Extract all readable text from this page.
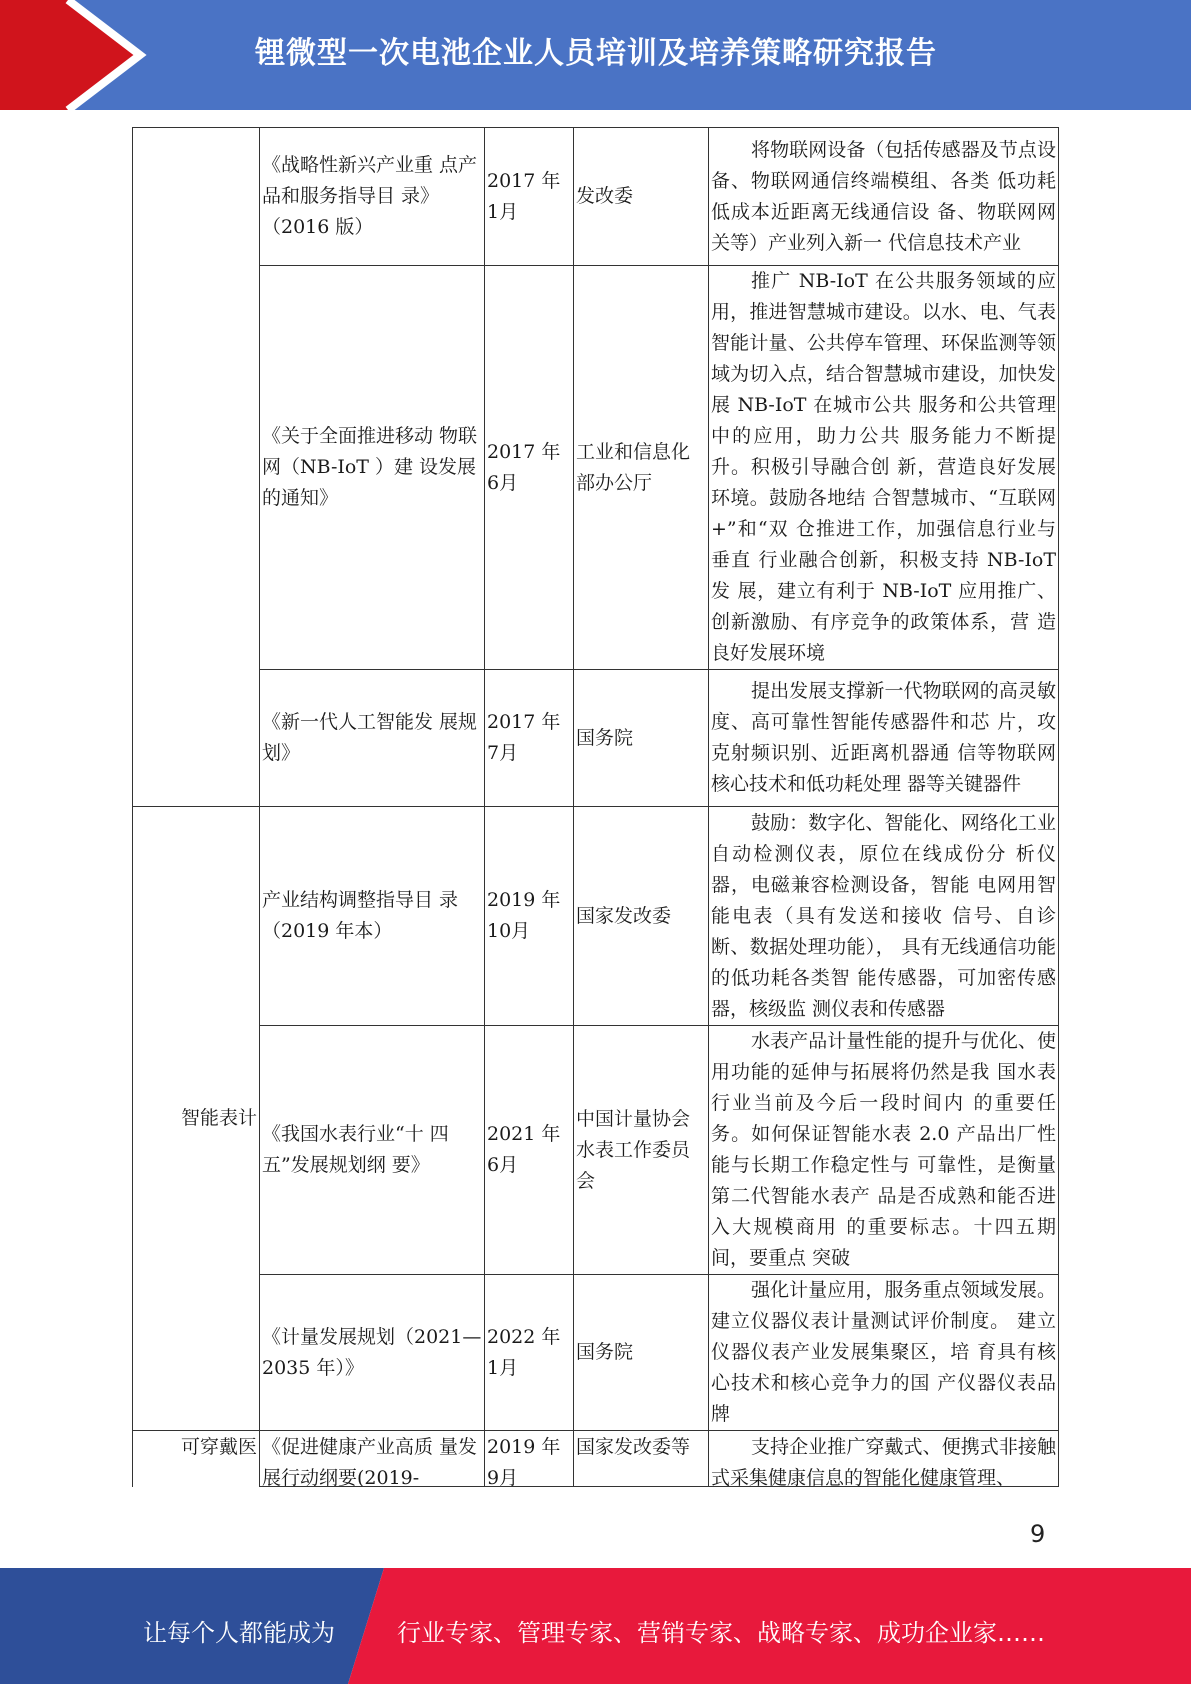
锂微型一次电池企业人员培训及培养策略研究报告
	《战略性新兴产业重 点产品和服务指导目 录》（2016 版）	2017 年 1月	发改委	将物联网设备（包括传感器及节点设备、物联网通信终端模组、各类 低功耗低成本近距离无线通信设 备、物联网网关等）产业列入新一 代信息技术产业
	《关于全面推进移动 物联网（NB-IoT ）建 设发展的通知》	2017 年 6月	工业和信息化部办公厅	推广 NB-IoT 在公共服务领域的应用，推进智慧城市建设。以水、电、气表智能计量、公共停车管理、环保监测等领域为切入点，结合智慧城市建设，加快发展 NB-IoT 在城市公共 服务和公共管理中的应用，助力公共 服务能力不断提升。积极引导融合创 新，营造良好发展环境。鼓励各地结 合智慧城市、“互联网+”和“双 仓推进工作，加强信息行业与垂直 行业融合创新，积极支持 NB-IoT 发 展，建立有利于 NB-IoT 应用推广、 创新激励、有序竞争的政策体系，营 造良好发展环境
	《新一代人工智能发 展规划》	2017 年 7月	国务院	提出发展支撑新一代物联网的高灵敏度、高可靠性智能传感器件和芯 片，攻克射频识别、近距离机器通 信等物联网核心技术和低功耗处理 器等关键器件
智能表计	产业结构调整指导目 录（2019 年本）	2019 年 10月	国家发改委	鼓励：数字化、智能化、网络化工业自动检测仪表，原位在线成份分 析仪器，电磁兼容检测设备，智能 电网用智能电表（具有发送和接收 信号、自诊断、数据处理功能）， 具有无线通信功能的低功耗各类智 能传感器，可加密传感器，核级监 测仪表和传感器
	《我国水表行业“十 四五”发展规划纲 要》	2021 年 6月	中国计量协会水表工作委员会	水表产品计量性能的提升与优化、使用功能的延伸与拓展将仍然是我 国水表行业当前及今后一段时间内 的重要任务。如何保证智能水表 2.0 产品出厂性能与长期工作稳定性与 可靠性，是衡量第二代智能水表产 品是否成熟和能否进入大规模商用 的重要标志。十四五期间，要重点 突破
	《计量发展规划（2021—2035 年）》	2022 年 1月	国务院	强化计量应用，服务重点领域发展。建立仪器仪表计量测试评价制度。 建立仪器仪表产业发展集聚区，培 育具有核心技术和核心竞争力的国 产仪器仪表品牌

可穿戴医	《促进健康产业高质 量发展行动纲要(2019-	2019 年 9月	国家发改委等	支持企业推广穿戴式、便携式非接触式采集健康信息的智能化健康管理、
9
让每个人都能成为	行业专家、管理专家、营销专家、战略专家、成功企业家……
